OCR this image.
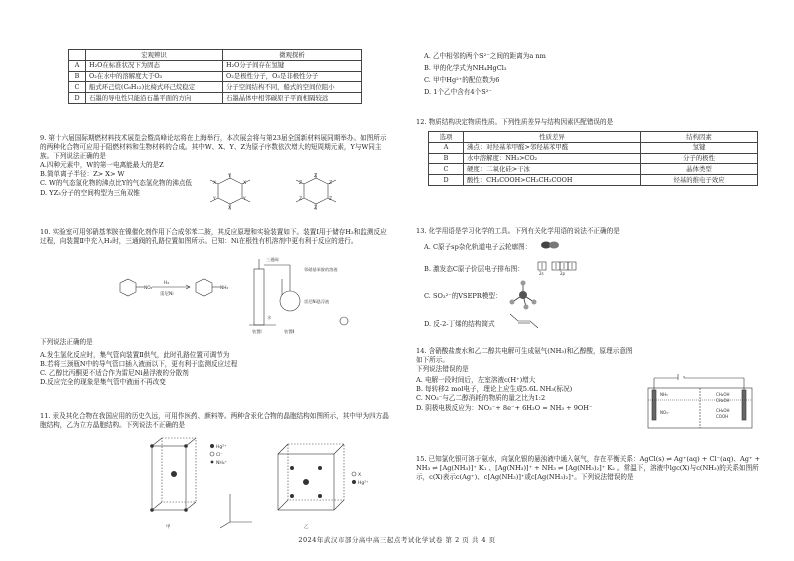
	宏观辨识	微观探析
A	H₂O在标准状况下为固态	H₂O分子间存在氢键
B	O₂在水中的溶解度大于O₃	O₂是极性分子，O₃是非极性分子
C	船式环己烷(C₆H₁₂)比椅式环己烷稳定	分子空间结构不同，船式的空间位阻小
D	石墨的导电性只能沿石墨平面的方向	石墨晶体中相邻碳原子平面相隔较远

9. 第十六届国际期燃材料技术展览会暨高峰论坛将在上海举行，本次展会将与第23届全国新材料展同期举办。如图所示的两种化合物可应用于阻燃材料和生物材料的合成。其中W、X、Y、Z为原子序数依次增大的短周期元素，Y与W同主族。下列说法正确的是

A.四种元素中，W的第一电离能最大的是Z

B.简单离子半径：Z> X> W

C. W的气态氢化物的沸点比Y的气态氢化物的沸点低

D. YZ₃分子的空间构型为三角双锥

Y
X
X
Y
Y
X
Z
Z
Z
Z
Z
Z

10. 实验室可用邻硝基苯胺在镍催化剂作用下合成邻苯二胺，其反应原理和实验装置如下。装置Ⅰ用于储存H₂和监测反应过程，向装置Ⅱ中充入H₂时，三通阀的孔路位置如图所示。已知：Ni在根性有机溶剂中更有利于反应的进行。

NO₂	NH₂
H₂
雷尼Ni
三通阀
邻硝基苯胺的溶液
雷尼Ni悬浮液
装置Ⅰ	装置Ⅱ
水

下列说法正确的是

A.发生氢化反应时，集气管向装置Ⅱ供气，此时孔路位置可调节为

B.若将三颈瓶N中的导气管口插入液面以下，更有利于监测反应过程

C. 乙醇比丙酮更不适合作为雷尼Ni悬浮液的分散剂

D.反应完全的现象是集气管中液面不再改变

11. 汞及其化合物在我国应用的历史久远，可用作医药、颜料等。两种含汞化合物的晶胞结构如图所示，其中甲为四方晶胞结构，乙为立方晶胞结构。下列说法不正确的是

Hg²⁺
Cl⁻
NH₄⁺
X
Hg²⁺
甲	乙

A. 乙中相邻的两个S²⁻之间的距离为a nm

B. 甲的化学式为NH₄HgCl₃

C. 甲中Hg²⁺的配位数为6

D. 1个乙中含有4个S²⁻

12. 物质结构决定物质性质。下列性质差异与结构因素匹配错误的是

选项	性质差异	结构因素
A	沸点：对羟基苯甲醛>邻羟基苯甲醛	氢键
B	水中溶解度：NH₃>CO₂	分子的极性
C	硬度：二氧化硅>干冰	晶体类型
D	酸性：CH₃COOH>CH₃CH₂COOH	烃基的推电子效应

13. 化学用语是学习化学的工具。下列有关化学用语的说法不正确的是

A. C原子sp杂化轨道电子云轮廓图：

B. 激发态C原子价层电子排布图：

2s	2p

C. SO₃²⁻的VSEPR模型：

D. 反-2-丁烯的结构简式

14. 含硝酸盐废水和乙二醇共电解可生成氨气(NH₃)和乙醇酸，原理示意图如下所示。

下列说法错误的是

A. 电解一段时间后，左室溶液c(H⁺)增大

B. 每转移2 mol电子，理论上应生成5.6L NH₃(标况)

C. NO₃⁻与乙二醇消耗的物质的量之比为1:2

D. 阴极电极反应为：NO₃⁻+ 8e⁻+ 6H₂O = NH₃ + 9OH⁻

NH₃	CH₂OH
CH₂OH
CH₂OH
COOH
NO₃⁻

15. 已知氯化银可溶于氨水，向氯化银的悬浊液中通入氨气，存在平衡关系：AgCl(s) ⇌ Ag⁺(aq) + Cl⁻(aq)、Ag⁺ + NH₃ ⇌ [Ag(NH₃)]⁺ K₁ 、[Ag(NH₃)]⁺ + NH₃ ⇌ [Ag(NH₃)₂]⁺ K₂ 。常温下，溶液中lgc(X)与c(NH₃)的关系如图所示，c(X)表示c(Ag⁺)、c[Ag(NH₃)]⁺或c[Ag(NH₃)₂]⁺。下列说法错误的是

2024年武汉市部分高中高三起点考试化学试卷 第 2 页 共 4 页
